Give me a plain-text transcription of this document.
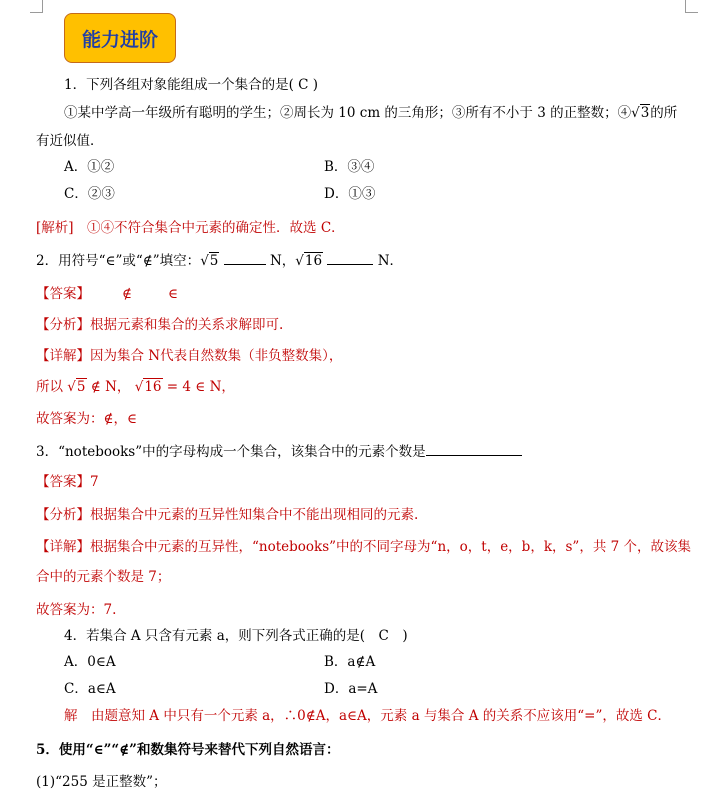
能力进阶
1．下列各组对象能组成一个集合的是( C )
①某中学高一年级所有聪明的学生；②周长为 10 cm 的三角形；③所有不小于 3 的正整数；④√3的所
有近似值．
A．①②	B．③④
C．②③	D．①③
[解析]　①④不符合集合中元素的确定性．故选 C．
2．用符号“∈”或“∉”填空：√5	N，√16	N．
【答案】 ∉	∈
【分析】根据元素和集合的关系求解即可.
【详解】因为集合 N代表自然数集（非负整数集），
所以 √5 ∉ N， √16 = 4 ∈ N，
故答案为：∉，∈
3．“notebooks”中的字母构成一个集合，该集合中的元素个数是
【答案】7
【分析】根据集合中元素的互异性知集合中不能出现相同的元素.
【详解】根据集合中元素的互异性，“notebooks”中的不同字母为“n，o，t，e，b，k，s”，共 7 个，故该集
合中的元素个数是 7；
故答案为：7.
4．若集合 A 只含有元素 a，则下列各式正确的是(　C　)
A．0∈A	B．a∉A
C．a∈A	D．a=A
解　由题意知 A 中只有一个元素 a，∴0∉A，a∈A，元素 a 与集合 A 的关系不应该用“=”，故选 C．
5．使用“∈”“∉”和数集符号来替代下列自然语言：
(1)“255 是正整数”；
